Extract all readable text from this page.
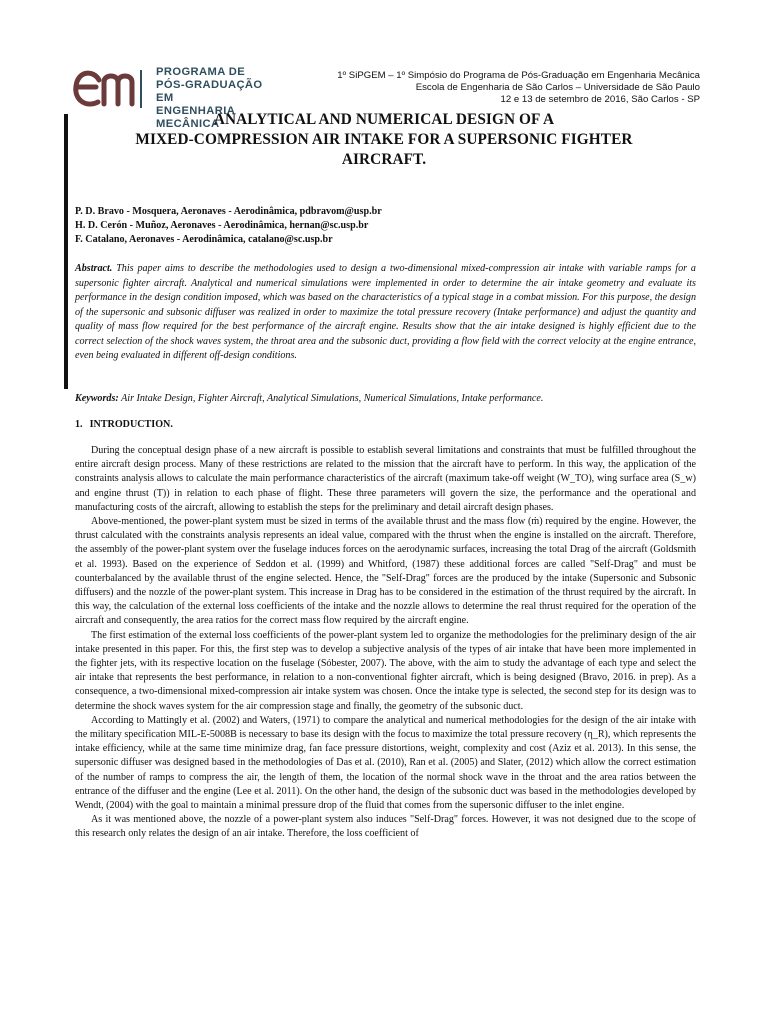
PROGRAMA DE
PÓS-GRADUAÇÃO EM
ENGENHARIA MECÂNICA
1º SiPGEM – 1º Simpósio do Programa de Pós-Graduação em Engenharia Mecânica
Escola de Engenharia de São Carlos – Universidade de São Paulo
12 e 13 de setembro de 2016, São Carlos - SP
ANALYTICAL AND NUMERICAL DESIGN OF A
MIXED-COMPRESSION AIR INTAKE FOR A SUPERSONIC FIGHTER
AIRCRAFT.
P. D. Bravo - Mosquera, Aeronaves - Aerodinâmica, pdbravom@usp.br
H. D. Cerón - Muñoz, Aeronaves - Aerodinâmica, hernan@sc.usp.br
F. Catalano, Aeronaves - Aerodinâmica, catalano@sc.usp.br
Abstract. This paper aims to describe the methodologies used to design a two-dimensional mixed-compression air intake with variable ramps for a supersonic fighter aircraft. Analytical and numerical simulations were implemented in order to determine the air intake geometry and evaluate its performance in the design condition imposed, which was based on the characteristics of a typical stage in a combat mission. For this purpose, the design of the supersonic and subsonic diffuser was realized in order to maximize the total pressure recovery (Intake performance) and adjust the quantity and quality of mass flow required for the best performance of the aircraft engine. Results show that the air intake designed is highly efficient due to the correct selection of the shock waves system, the throat area and the subsonic duct, providing a flow field with the correct velocity at the engine entrance, even being evaluated in different off-design conditions.
Keywords: Air Intake Design, Fighter Aircraft, Analytical Simulations, Numerical Simulations, Intake performance.
1. INTRODUCTION.

During the conceptual design phase of a new aircraft is possible to establish several limitations and constraints that must be fulfilled throughout the entire aircraft design process. Many of these restrictions are related to the mission that the aircraft have to perform. In this way, the application of the constraints analysis allows to calculate the main performance characteristics of the aircraft (maximum take-off weight (W_TO), wing surface area (S_w) and engine thrust (T)) in relation to each phase of flight. These three parameters will govern the size, the performance and the operational and manufacturing costs of the aircraft, allowing to establish the steps for the preliminary and detail aircraft design phases.

Above-mentioned, the power-plant system must be sized in terms of the available thrust and the mass flow (ṁ) required by the engine. However, the thrust calculated with the constraints analysis represents an ideal value, compared with the thrust when the engine is installed on the aircraft. Therefore, the assembly of the power-plant system over the fuselage induces forces on the aerodynamic surfaces, increasing the total Drag of the aircraft (Goldsmith et al. 1993). Based on the experience of Seddon et al. (1999) and Whitford, (1987) these additional forces are called "Self-Drag" and must be counterbalanced by the available thrust of the engine selected. Hence, the "Self-Drag" forces are the produced by the intake (Supersonic and Subsonic diffusers) and the nozzle of the power-plant system. This increase in Drag has to be considered in the estimation of the thrust required by the aircraft. In this way, the calculation of the external loss coefficients of the intake and the nozzle allows to determine the real thrust required for the operation of the aircraft and consequently, the area ratios for the correct mass flow required by the aircraft engine.

The first estimation of the external loss coefficients of the power-plant system led to organize the methodologies for the preliminary design of the air intake presented in this paper. For this, the first step was to develop a subjective analysis of the types of air intake that have been more implemented in the fighter jets, with its respective location on the fuselage (Sóbester, 2007). The above, with the aim to study the advantage of each type and select the air intake that represents the best performance, in relation to a non-conventional fighter aircraft, which is being designed (Bravo, 2016. in prep). As a consequence, a two-dimensional mixed-compression air intake system was chosen. Once the intake type is selected, the second step for its design was to determine the shock waves system for the air compression stage and finally, the geometry of the subsonic duct.

According to Mattingly et al. (2002) and Waters, (1971) to compare the analytical and numerical methodologies for the design of the air intake with the military specification MIL-E-5008B is necessary to base its design with the focus to maximize the total pressure recovery (η_R), which represents the intake efficiency, while at the same time minimize drag, fan face pressure distortions, weight, complexity and cost (Aziz et al. 2013). In this sense, the supersonic diffuser was designed based in the methodologies of Das et al. (2010), Ran et al. (2005) and Slater, (2012) which allow the correct estimation of the number of ramps to compress the air, the length of them, the location of the normal shock wave in the throat and the area ratios between the entrance of the diffuser and the engine (Lee et al. 2011). On the other hand, the design of the subsonic duct was based in the methodologies developed by Wendt, (2004) with the goal to maintain a minimal pressure drop of the fluid that comes from the supersonic diffuser to the inlet engine.

As it was mentioned above, the nozzle of a power-plant system also induces "Self-Drag" forces. However, it was not designed due to the scope of this research only relates the design of an air intake. Therefore, the loss coefficient of
